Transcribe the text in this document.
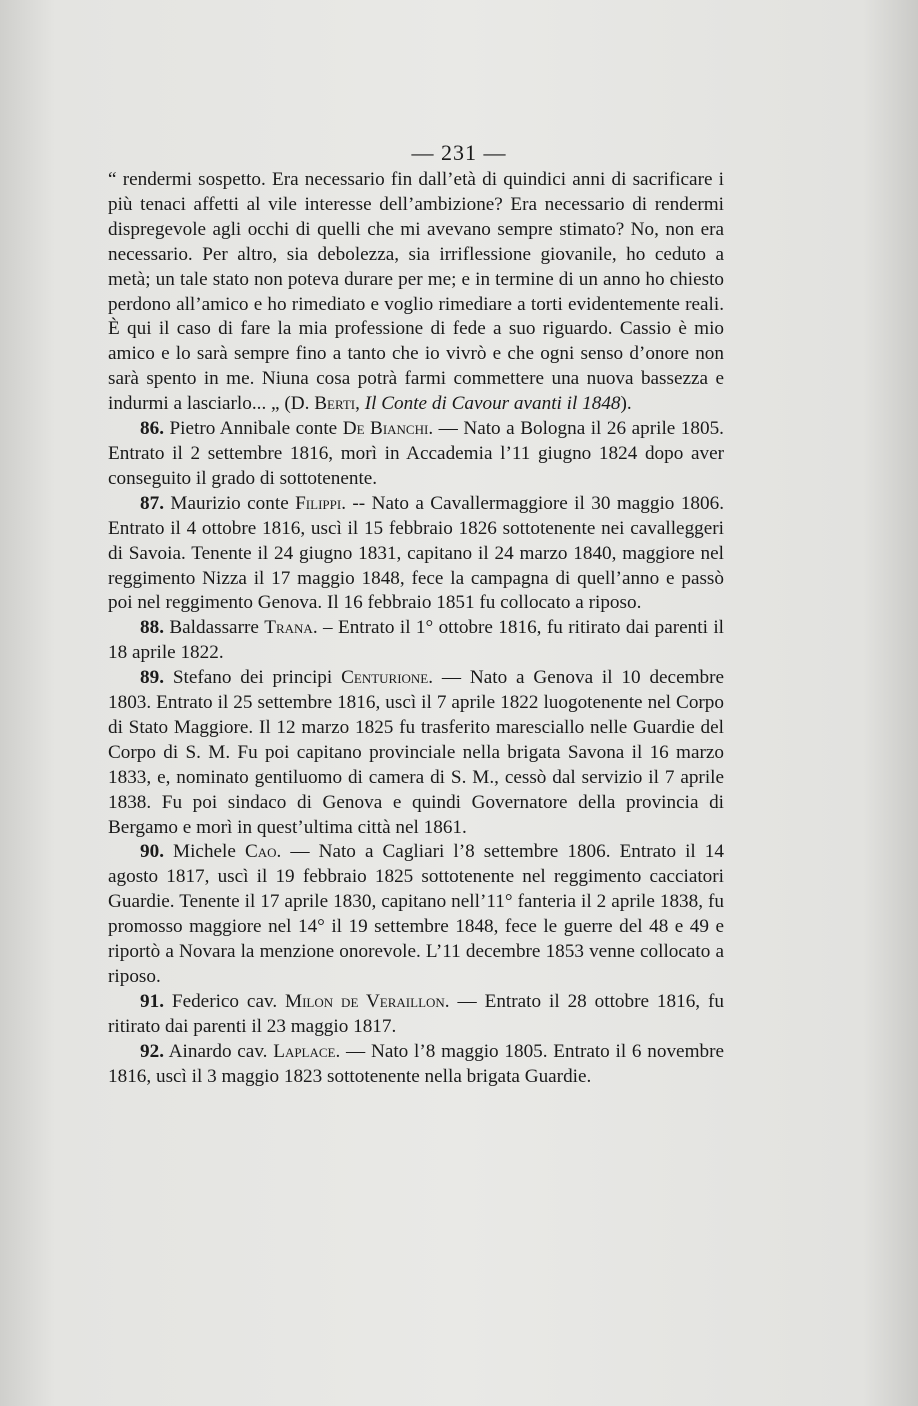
— 231 —

“ rendermi sospetto. Era necessario fin dall’età di quindici anni di sacrificare i più tenaci affetti al vile interesse dell’ambizione? Era necessario di rendermi dispregevole agli occhi di quelli che mi avevano sempre stimato? No, non era necessario. Per altro, sia debolezza, sia irriflessione giovanile, ho ceduto a metà; un tale stato non poteva durare per me; e in termine di un anno ho chiesto perdono all’amico e ho rimediato e voglio rimediare a torti evidentemente reali. È qui il caso di fare la mia professione di fede a suo riguardo. Cassio è mio amico e lo sarà sempre fino a tanto che io vivrò e che ogni senso d’onore non sarà spento in me. Niuna cosa potrà farmi commettere una nuova bassezza e indurmi a lasciarlo... „ (D. Berti, Il Conte di Cavour avanti il 1848).

86. Pietro Annibale conte De Bianchi. — Nato a Bologna il 26 aprile 1805. Entrato il 2 settembre 1816, morì in Accademia l’11 giugno 1824 dopo aver conseguito il grado di sottotenente.

87. Maurizio conte Filippi. -- Nato a Cavallermaggiore il 30 maggio 1806. Entrato il 4 ottobre 1816, uscì il 15 febbraio 1826 sottotenente nei cavalleggeri di Savoia. Tenente il 24 giugno 1831, capitano il 24 marzo 1840, maggiore nel reggimento Nizza il 17 maggio 1848, fece la campagna di quell’anno e passò poi nel reggimento Genova. Il 16 febbraio 1851 fu collocato a riposo.

88. Baldassarre Trana. – Entrato il 1° ottobre 1816, fu ritirato dai parenti il 18 aprile 1822.

89. Stefano dei principi Centurione. — Nato a Genova il 10 decembre 1803. Entrato il 25 settembre 1816, uscì il 7 aprile 1822 luogotenente nel Corpo di Stato Maggiore. Il 12 marzo 1825 fu trasferito maresciallo nelle Guardie del Corpo di S. M. Fu poi capitano provinciale nella brigata Savona il 16 marzo 1833, e, nominato gentiluomo di camera di S. M., cessò dal servizio il 7 aprile 1838. Fu poi sindaco di Genova e quindi Governatore della provincia di Bergamo e morì in quest’ultima città nel 1861.

90. Michele Cao. — Nato a Cagliari l’8 settembre 1806. Entrato il 14 agosto 1817, uscì il 19 febbraio 1825 sottotenente nel reggimento cacciatori Guardie. Tenente il 17 aprile 1830, capitano nell’11° fanteria il 2 aprile 1838, fu promosso maggiore nel 14° il 19 settembre 1848, fece le guerre del 48 e 49 e riportò a Novara la menzione onorevole. L’11 decembre 1853 venne collocato a riposo.

91. Federico cav. Milon de Veraillon. — Entrato il 28 ottobre 1816, fu ritirato dai parenti il 23 maggio 1817.

92. Ainardo cav. Laplace. — Nato l’8 maggio 1805. Entrato il 6 novembre 1816, uscì il 3 maggio 1823 sottotenente nella brigata Guardie.
